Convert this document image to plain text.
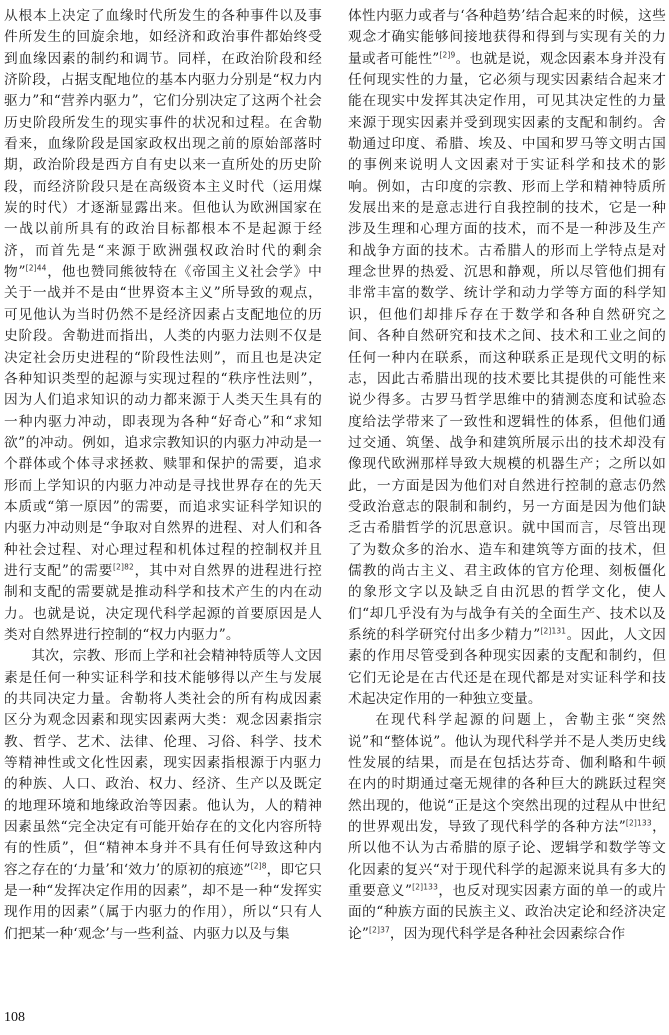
从根本上决定了血缘时代所发生的各种事件以及事件所发生的回旋余地，如经济和政治事件都始终受到血缘因素的制约和调节。同样，在政治阶段和经济阶段，占据支配地位的基本内驱力分别是“权力内驱力”和“营养内驱力”，它们分别决定了这两个社会历史阶段所发生的现实事件的状况和过程。在舍勒看来，血缘阶段是国家政权出现之前的原始部落时期，政治阶段是西方自有史以来一直所处的历史阶段，而经济阶段只是在高级资本主义时代（运用煤炭的时代）才逐渐显露出来。但他认为欧洲国家在一战以前所具有的政治目标都根本不是起源于经济，而首先是“来源于欧洲强权政治时代的剩余物”$^{[2]44}$，他也赞同熊彼特在《帝国主义社会学》中关于一战并不是由“世界资本主义”所导致的观点，可见他认为当时仍然不是经济因素占支配地位的历史阶段。舍勒进而指出，人类的内驱力法则不仅是决定社会历史进程的“阶段性法则”，而且也是决定各种知识类型的起源与实现过程的“秩序性法则”，因为人们追求知识的动力都来源于人类天生具有的一种内驱力冲动，即表现为各种“好奇心”和“求知欲”的冲动。例如，追求宗教知识的内驱力冲动是一个群体或个体寻求拯救、赎罪和保护的需要，追求形而上学知识的内驱力冲动是寻找世界存在的先天本质或“第一原因”的需要，而追求实证科学知识的内驱力冲动则是“争取对自然界的进程、对人们和各种社会过程、对心理过程和机体过程的控制权并且进行支配”的需要$^{[2]82}$，其中对自然界的进程进行控制和支配的需要就是推动科学和技术产生的内在动力。也就是说，决定现代科学起源的首要原因是人类对自然界进行控制的“权力内驱力”。

其次，宗教、形而上学和社会精神特质等人文因素是任何一种实证科学和技术能够得以产生与发展的共同决定力量。舍勒将人类社会的所有构成因素区分为观念因素和现实因素两大类：观念因素指宗教、哲学、艺术、法律、伦理、习俗、科学、技术等精神性或文化性因素，现实因素指根源于内驱力的种族、人口、政治、权力、经济、生产以及既定的地理环境和地缘政治等因素。他认为，人的精神因素虽然“完全决定有可能开始存在的文化内容所特有的性质”，但“精神本身并不具有任何导致这种内容之存在的‘力量’和‘效力’的原初的痕迹”$^{[2]8}$，即它只是一种“发挥决定作用的因素”，却不是一种“发挥实现作用的因素”（属于内驱力的作用），所以“只有人们把某一种‘观念’与一些利益、内驱力以及与集

体性内驱力或者与‘各种趋势’结合起来的时候，这些观念才确实能够间接地获得和得到与实现有关的力量或者可能性”$^{[2]9}$。也就是说，观念因素本身并没有任何现实性的力量，它必须与现实因素结合起来才能在现实中发挥其决定作用，可见其决定性的力量来源于现实因素并受到现实因素的支配和制约。舍勒通过印度、希腊、埃及、中国和罗马等文明古国的事例来说明人文因素对于实证科学和技术的影响。例如，古印度的宗教、形而上学和精神特质所发展出来的是意志进行自我控制的技术，它是一种涉及生理和心理方面的技术，而不是一种涉及生产和战争方面的技术。古希腊人的形而上学特点是对理念世界的热爱、沉思和静观，所以尽管他们拥有非常丰富的数学、统计学和动力学等方面的科学知识，但他们却排斥存在于数学和各种自然研究之间、各种自然研究和技术之间、技术和工业之间的任何一种内在联系，而这种联系正是现代文明的标志，因此古希腊出现的技术要比其提供的可能性来说少得多。古罗马哲学思维中的猜测态度和试验态度给法学带来了一致性和逻辑性的体系，但他们通过交通、筑堡、战争和建筑所展示出的技术却没有像现代欧洲那样导致大规模的机器生产；之所以如此，一方面是因为他们对自然进行控制的意志仍然受政治意志的限制和制约，另一方面是因为他们缺乏古希腊哲学的沉思意识。就中国而言，尽管出现了为数众多的治水、造车和建筑等方面的技术，但儒教的尚古主义、君主政体的官方伦理、刻板僵化的象形文字以及缺乏自由沉思的哲学文化，使人们“却几乎没有为与战争有关的全面生产、技术以及系统的科学研究付出多少精力”$^{[2]131}$。因此，人文因素的作用尽管受到各种现实因素的支配和制约，但它们无论是在古代还是在现代都是对实证科学和技术起决定作用的一种独立变量。

在现代科学起源的问题上，舍勒主张“突然说”和“整体说”。他认为现代科学并不是人类历史线性发展的结果，而是在包括达芬奇、伽利略和牛顿在内的时期通过毫无规律的各种巨大的跳跃过程突然出现的，他说“正是这个突然出现的过程从中世纪的世界观出发，导致了现代科学的各种方法”$^{[2]133}$，所以他不认为古希腊的原子论、逻辑学和数学等文化因素的复兴“对于现代科学的起源来说具有多大的重要意义”$^{[2]133}$，也反对现实因素方面的单一的或片面的“种族方面的民族主义、政治决定论和经济决定论”$^{[2]37}$，因为现代科学是各种社会因素综合作

108
